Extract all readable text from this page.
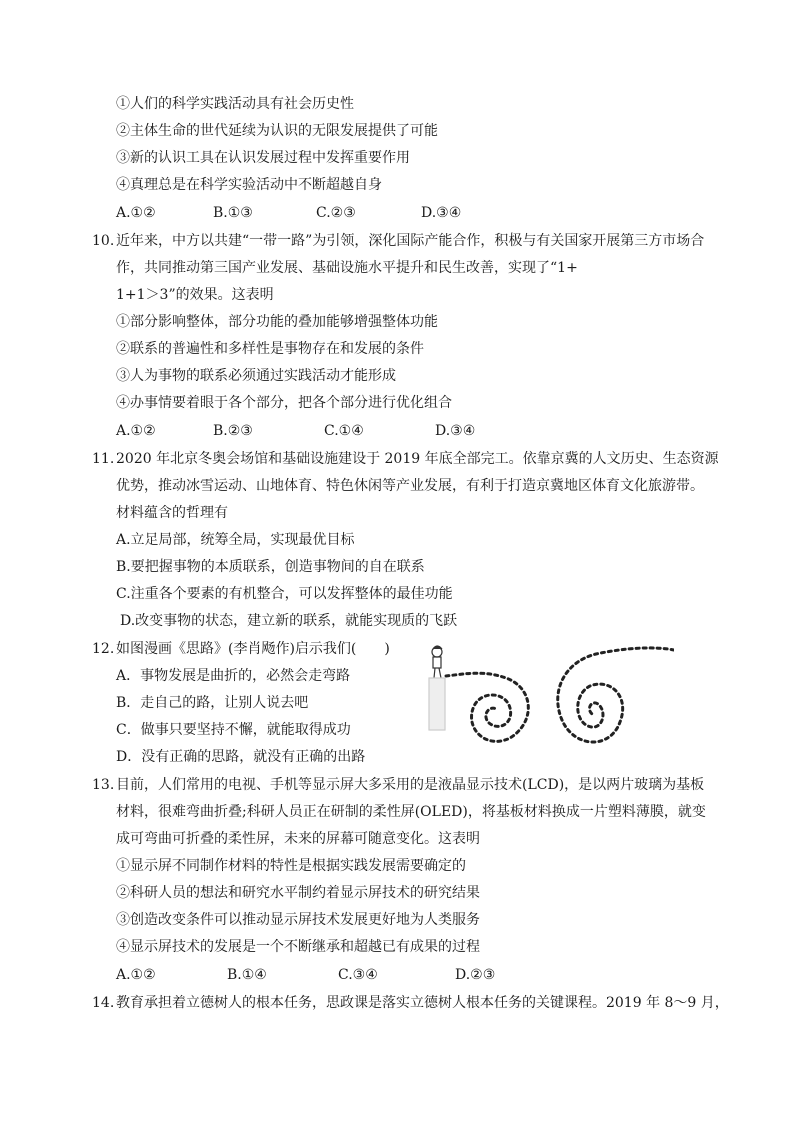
①人们的科学实践活动具有社会历史性
②主体生命的世代延续为认识的无限发展提供了可能
③新的认识工具在认识发展过程中发挥重要作用
④真理总是在科学实验活动中不断超越自身
A.①②	B.①③	C.②③	D.③④
10. 近年来，中方以共建“一带一路”为引领，深化国际产能合作，积极与有关国家开展第三方市场合
作，共同推动第三国产业发展、基础设施水平提升和民生改善，实现了“1+
1+1＞3”的效果。这表明
①部分影响整体，部分功能的叠加能够增强整体功能
②联系的普遍性和多样性是事物存在和发展的条件
③人为事物的联系必须通过实践活动才能形成
④办事情要着眼于各个部分，把各个部分进行优化组合
A.①②	B.②③	C.①④	D.③④
11. 2020 年北京冬奥会场馆和基础设施建设于 2019 年底全部完工。依靠京冀的人文历史、生态资源
优势，推动冰雪运动、山地体育、特色休闲等产业发展，有利于打造京冀地区体育文化旅游带。
材料蕴含的哲理有
A.立足局部，统筹全局，实现最优目标
B.要把握事物的本质联系，创造事物间的自在联系
C.注重各个要素的有机整合，可以发挥整体的最佳功能
D.改变事物的状态，建立新的联系，就能实现质的飞跃
12. 如图漫画《思路》(李肖飏作)启示我们(　　)
A．事物发展是曲折的，必然会走弯路
B．走自己的路，让别人说去吧
C．做事只要坚持不懈，就能取得成功
D．没有正确的思路，就没有正确的出路
13. 目前，人们常用的电视、手机等显示屏大多采用的是液晶显示技术(LCD)，是以两片玻璃为基板
材料，很难弯曲折叠;科研人员正在研制的柔性屏(OLED)，将基板材料换成一片塑料薄膜，就变
成可弯曲可折叠的柔性屏，未来的屏幕可随意变化。这表明
①显示屏不同制作材料的特性是根据实践发展需要确定的
②科研人员的想法和研究水平制约着显示屏技术的研究结果
③创造改变条件可以推动显示屏技术发展更好地为人类服务
④显示屏技术的发展是一个不断继承和超越已有成果的过程
A.①②	B.①④	C.③④	D.②③
14. 教育承担着立德树人的根本任务，思政课是落实立德树人根本任务的关键课程。2019 年 8～9 月，
